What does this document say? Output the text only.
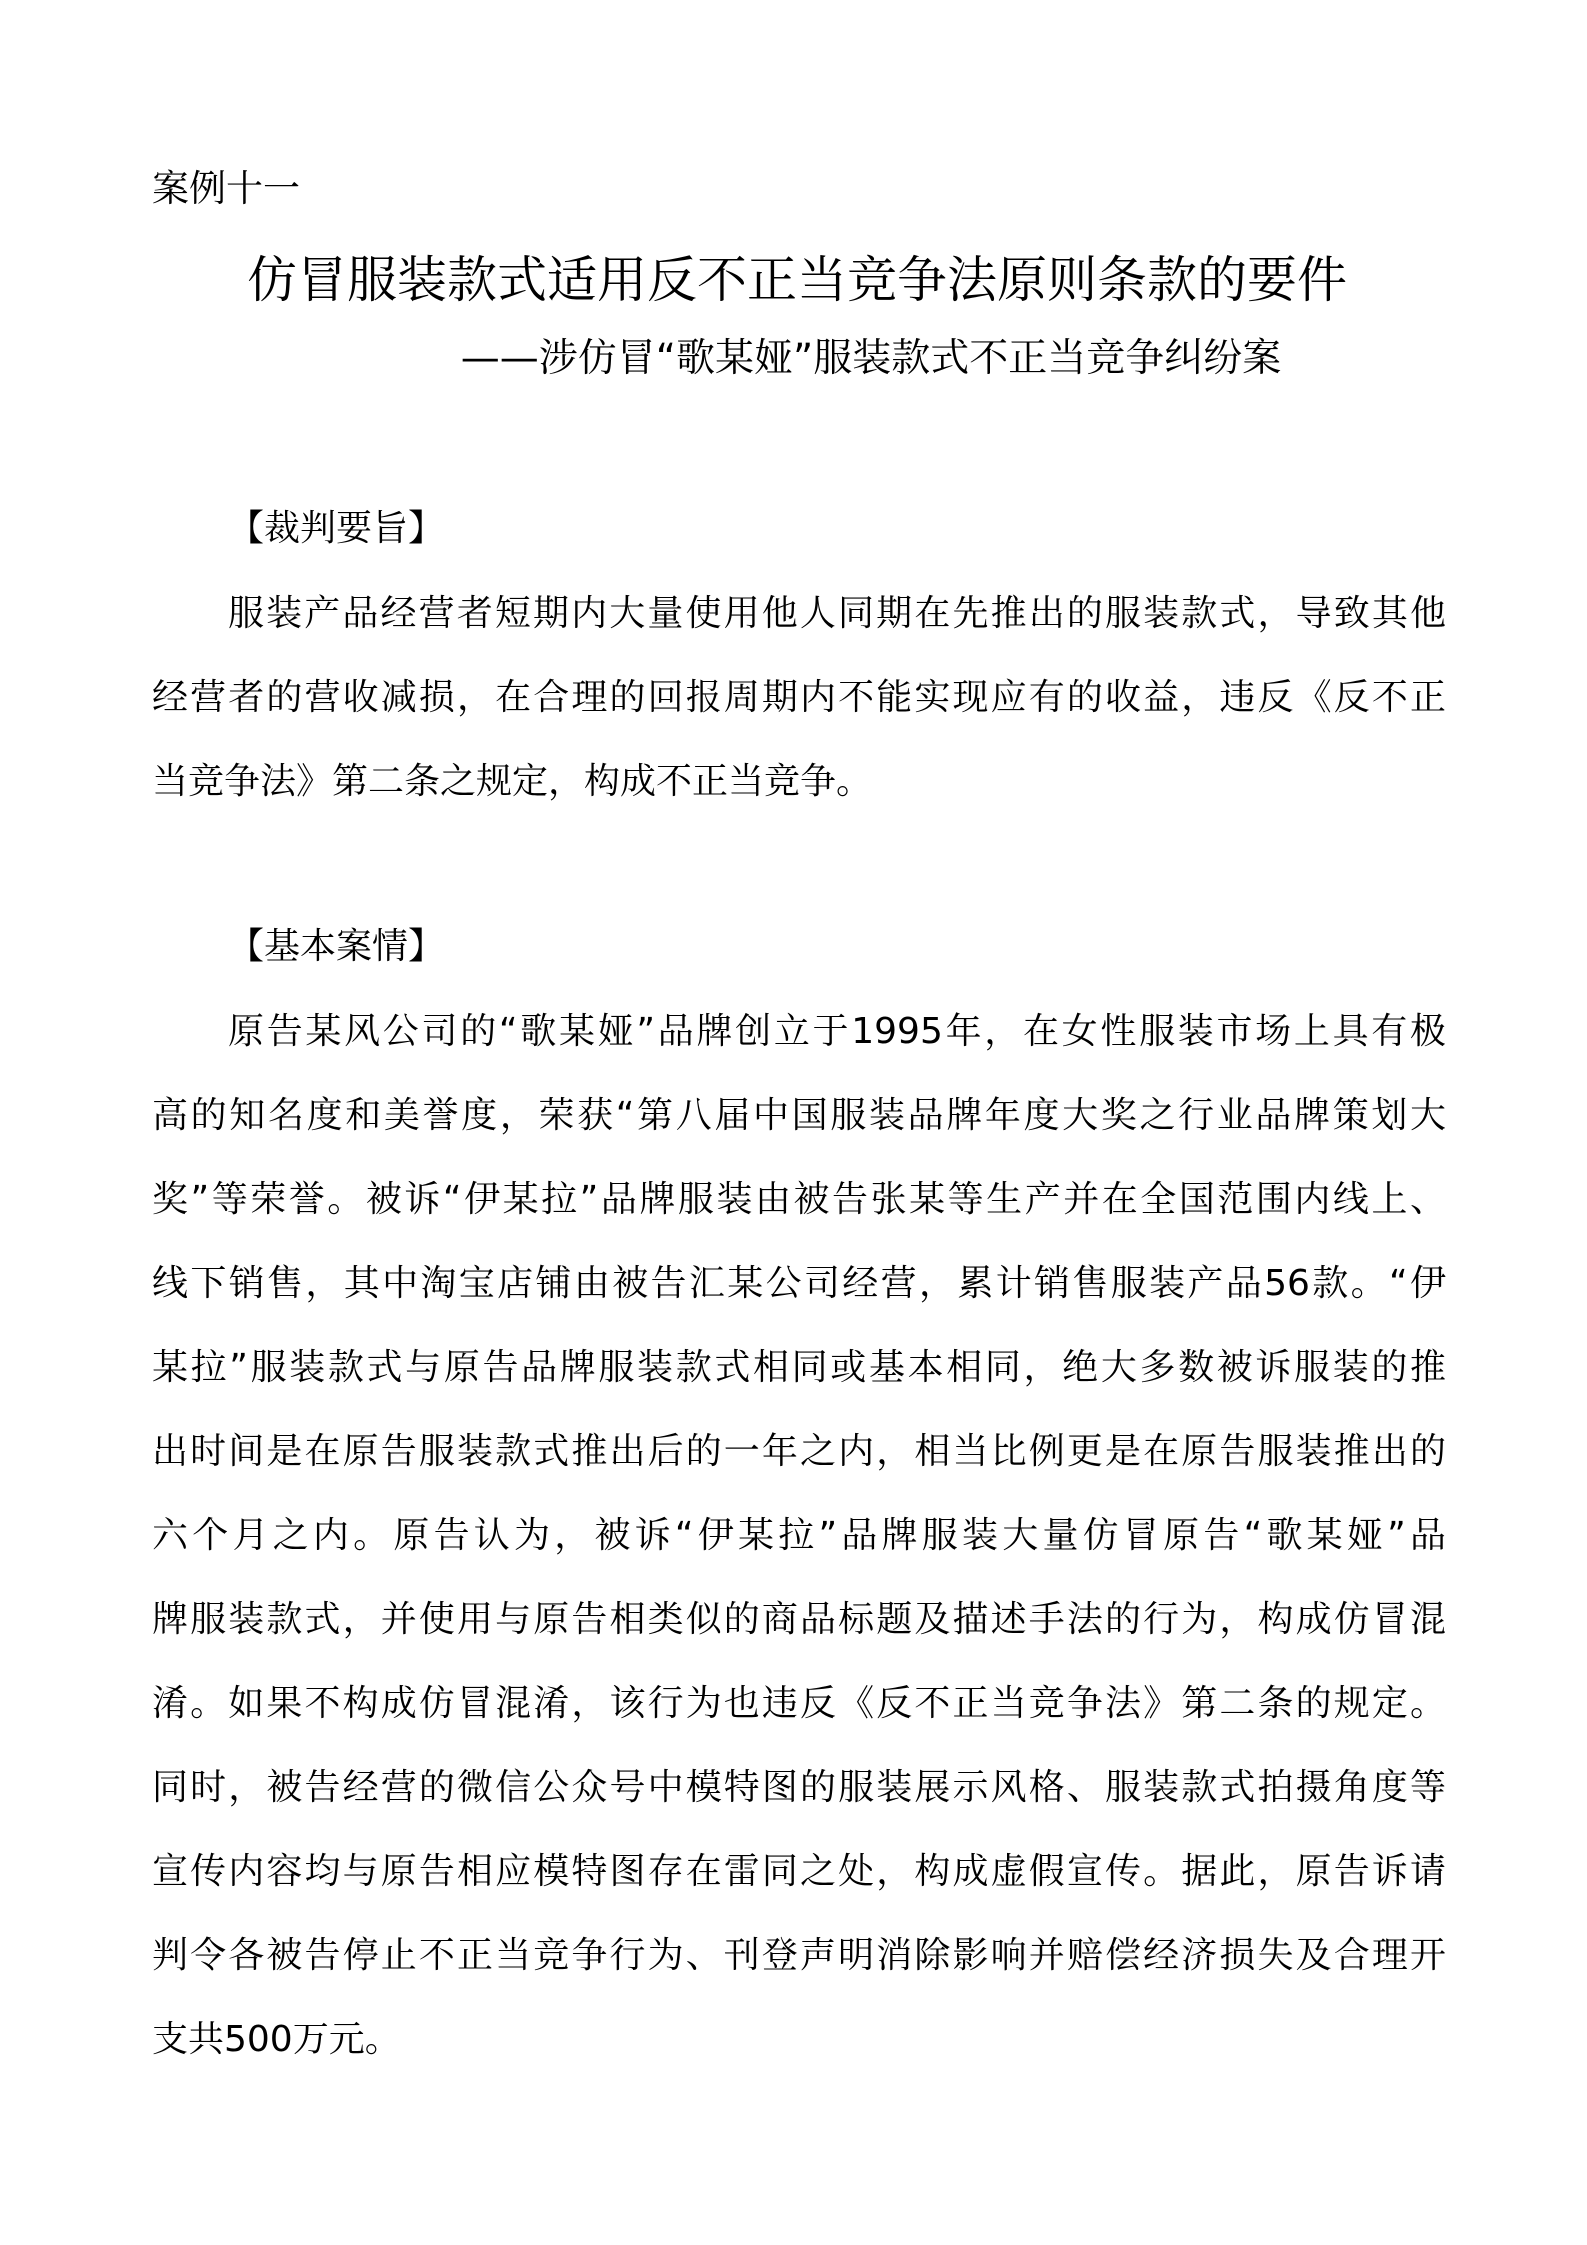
案例十一
仿冒服装款式适用反不正当竞争法原则条款的要件
——涉仿冒“歌某娅”服装款式不正当竞争纠纷案
【裁判要旨】
服装产品经营者短期内大量使用他人同期在先推出的服装款式，导致其他
经营者的营收减损，在合理的回报周期内不能实现应有的收益，违反《反不正
当竞争法》第二条之规定，构成不正当竞争。
【基本案情】
原告某风公司的“歌某娅”品牌创立于1995年，在女性服装市场上具有极
高的知名度和美誉度，荣获“第八届中国服装品牌年度大奖之行业品牌策划大
奖”等荣誉。被诉“伊某拉”品牌服装由被告张某等生产并在全国范围内线上、
线下销售，其中淘宝店铺由被告汇某公司经营，累计销售服装产品56款。“伊
某拉”服装款式与原告品牌服装款式相同或基本相同，绝大多数被诉服装的推
出时间是在原告服装款式推出后的一年之内，相当比例更是在原告服装推出的
六个月之内。原告认为，被诉“伊某拉”品牌服装大量仿冒原告“歌某娅”品
牌服装款式，并使用与原告相类似的商品标题及描述手法的行为，构成仿冒混
淆。如果不构成仿冒混淆，该行为也违反《反不正当竞争法》第二条的规定。
同时，被告经营的微信公众号中模特图的服装展示风格、服装款式拍摄角度等
宣传内容均与原告相应模特图存在雷同之处，构成虚假宣传。据此，原告诉请
判令各被告停止不正当竞争行为、刊登声明消除影响并赔偿经济损失及合理开
支共500万元。
